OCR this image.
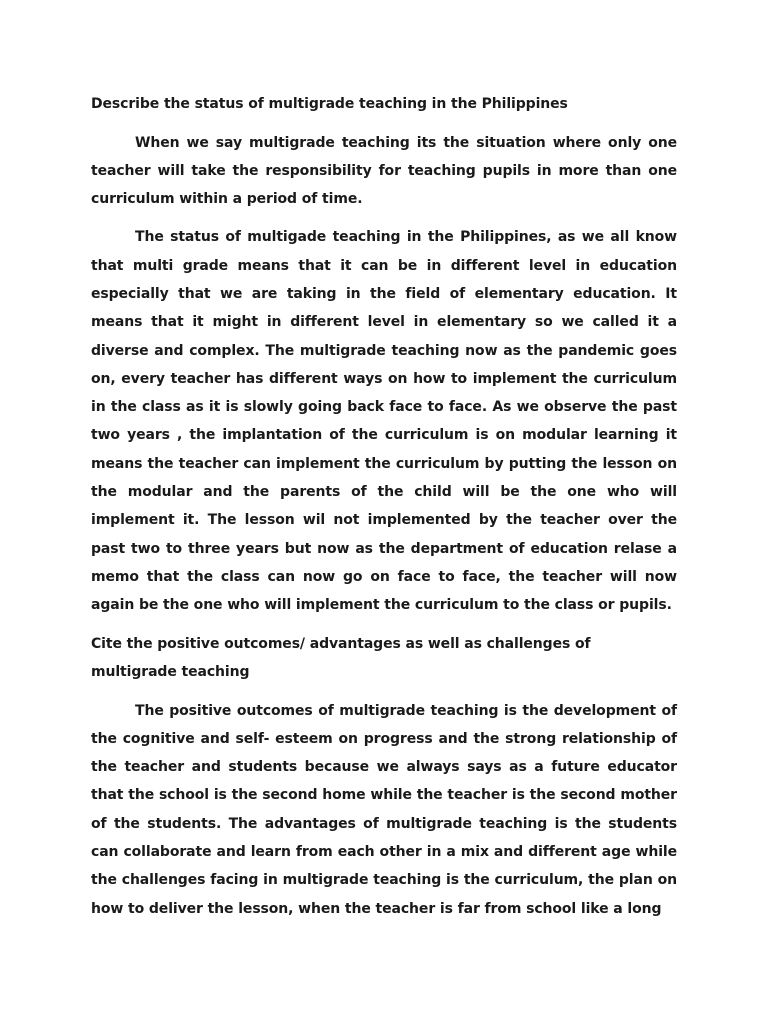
Describe the status of multigrade teaching in the Philippines

When we say multigrade teaching its the situation where only one teacher will take the responsibility for teaching pupils in more than one curriculum within a period of time.

The status of multigade teaching in the Philippines, as we all know that multi grade means that it can be in different level in education especially that we are taking in the field of elementary education. It means that it might in different level in elementary so we called it a diverse and complex. The multigrade teaching now as the pandemic goes on, every teacher has different ways on how to implement the curriculum in the class as it is slowly going back face to face. As we observe the past two years , the implantation of the curriculum is on modular learning it means the teacher can implement the curriculum by putting the lesson on the modular and the parents of the child will be the one who will implement it. The lesson wil not implemented by the teacher over the past two to three years but now as the department of education relase a memo that the class can now go on face to face, the teacher will now again be the one who will implement the curriculum to the class or pupils.

Cite the positive outcomes/ advantages as well as challenges of multigrade teaching

The positive outcomes of multigrade teaching is the development of the cognitive and self- esteem on progress and the strong relationship of the teacher and students because we always says as a future educator that the school is the second home while the teacher is the second mother of the students. The advantages of multigrade teaching is the students can collaborate and learn from each other in a mix and different age while the challenges facing in multigrade teaching is the curriculum, the plan on how to deliver the lesson, when the teacher is far from school like a long
